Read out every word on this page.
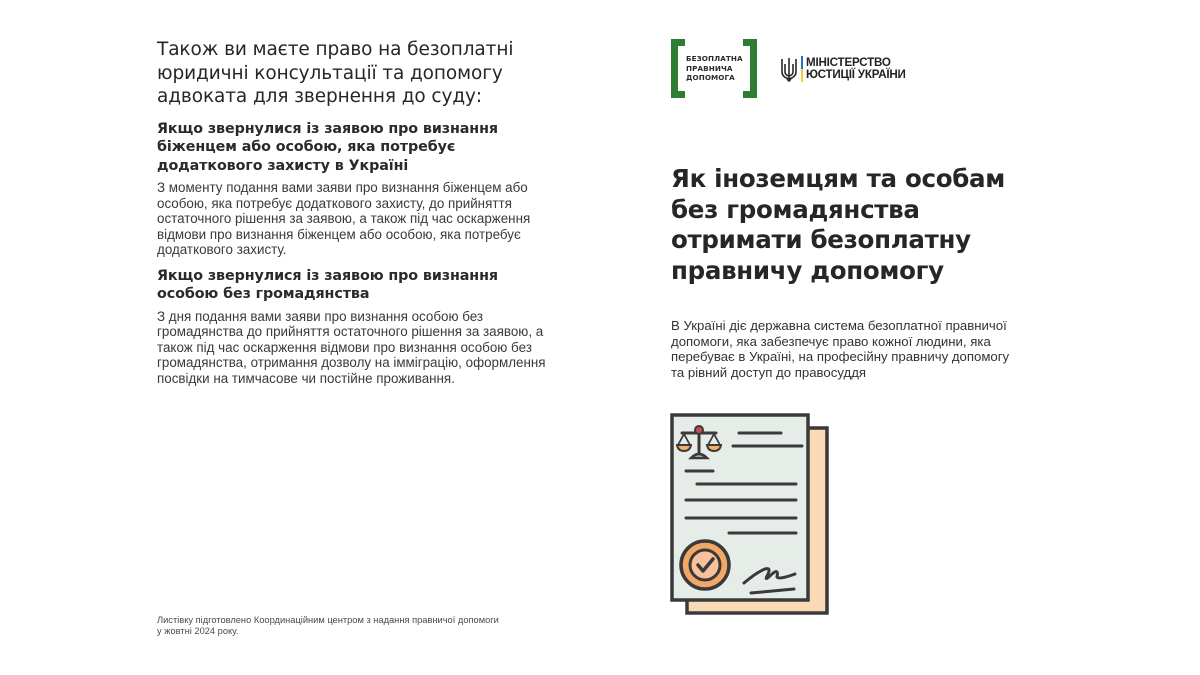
Також ви маєте право на безоплатні юридичні консультації та допомогу адвоката для звернення до суду:
Якщо звернулися із заявою про визнання біженцем або особою, яка потребує додаткового захисту в Україні

З моменту подання вами заяви про визнання біженцем або особою, яка потребує додаткового захисту, до прийняття остаточного рішення за заявою, а також під час оскарження відмови про визнання біженцем або особою, яка потребує додаткового захисту.

Якщо звернулися із заявою про визнання особою без громадянства

З дня подання вами заяви про визнання особою без громадянства до прийняття остаточного рішення за заявою, а також під час оскарження відмови про визнання особою без громадянства, отримання дозволу на імміграцію, оформлення посвідки на тимчасове чи постійне проживання.

Листівку підготовлено Координаційним центром з надання правничої допомоги
у жовтні 2024 року.
БЕЗОПЛАТНА
ПРАВНИЧА
ДОПОМОГА
МІНІСТЕРСТВО
ЮСТИЦІЇ УКРАЇНИ
Як іноземцям та особам без громадянства отримати безоплатну правничу допомогу

В Україні діє державна система безоплатної правничої допомоги, яка забезпечує право кожної людини, яка перебуває в Україні, на професійну правничу допомогу та рівний доступ до правосуддя
